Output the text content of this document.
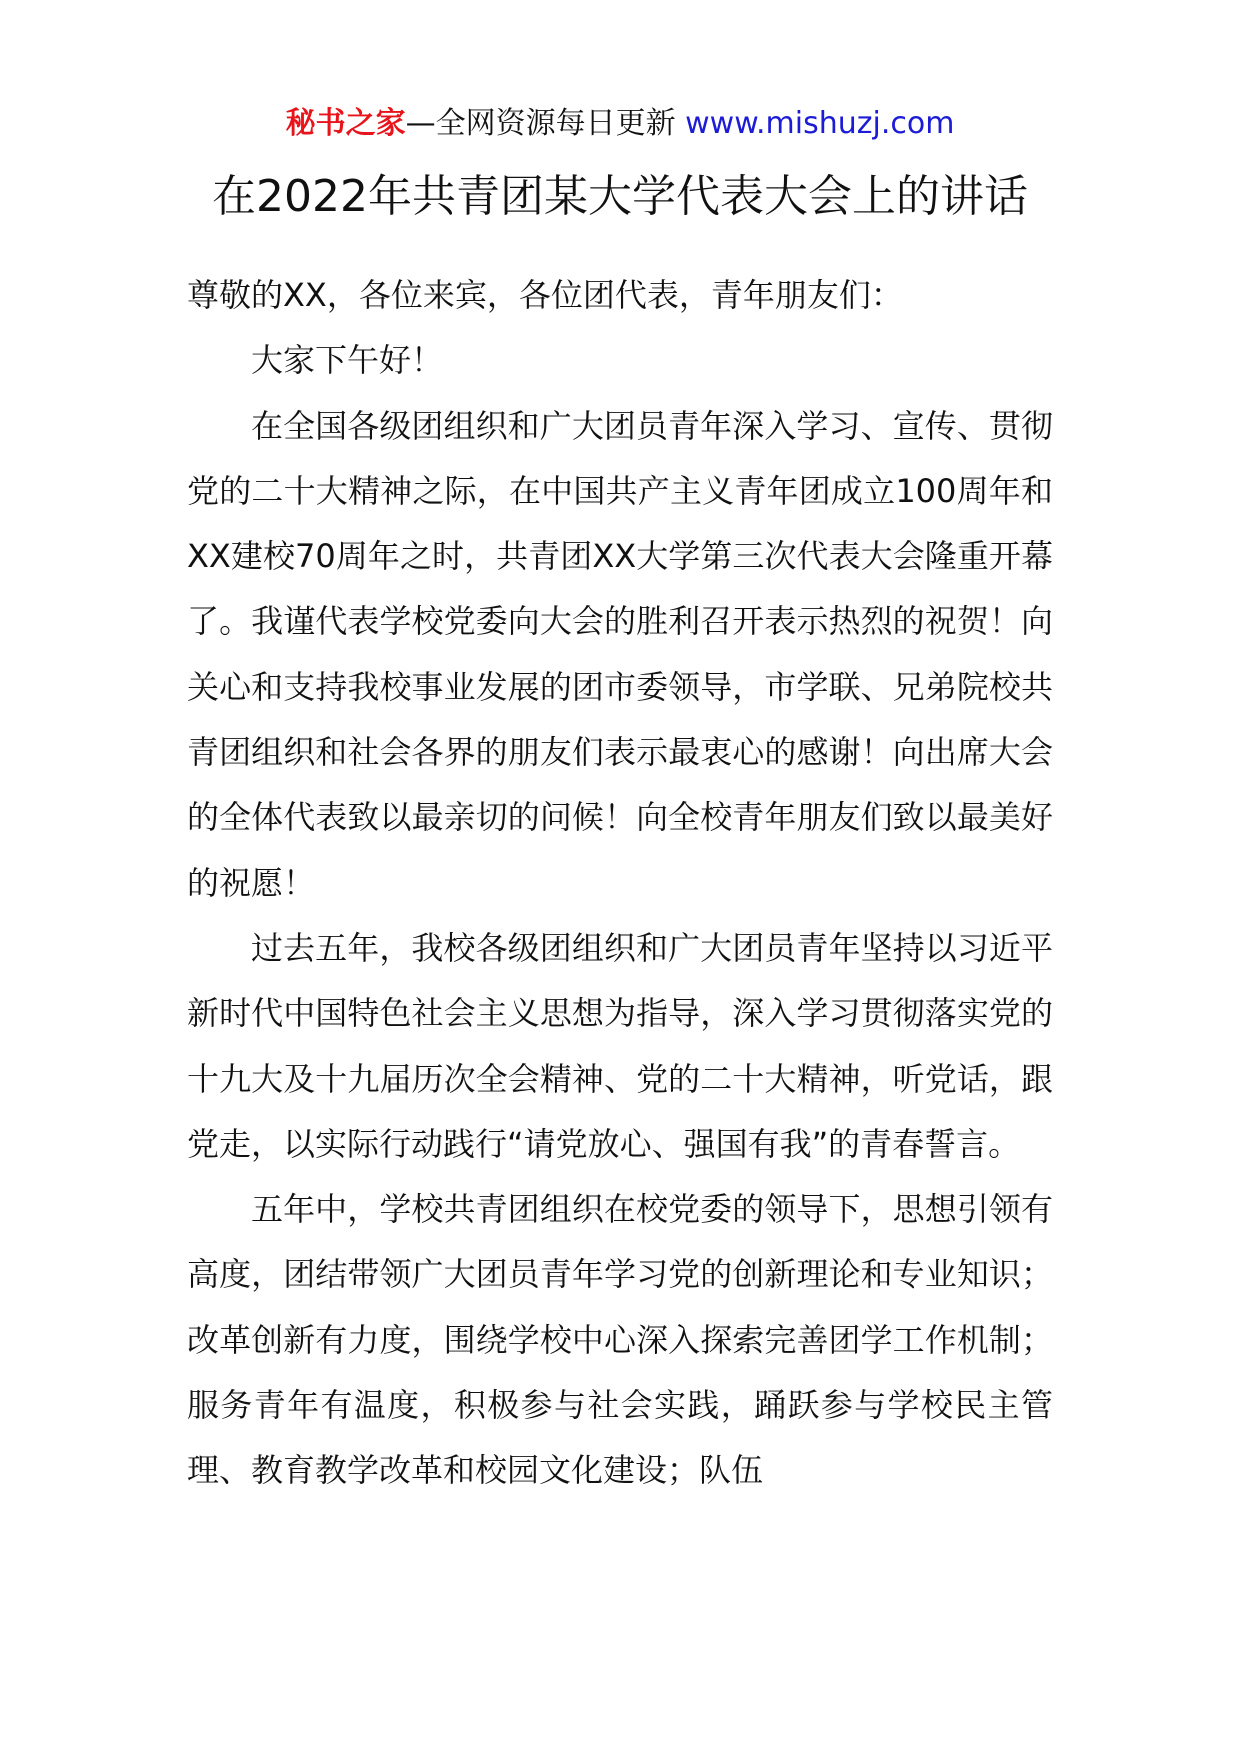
秘书之家—全网资源每日更新 www.mishuzj.com
在2022年共青团某大学代表大会上的讲话

尊敬的XX，各位来宾，各位团代表，青年朋友们：

大家下午好！

在全国各级团组织和广大团员青年深入学习、宣传、贯彻党的二十大精神之际，在中国共产主义青年团成立100周年和XX建校70周年之时，共青团XX大学第三次代表大会隆重开幕了。我谨代表学校党委向大会的胜利召开表示热烈的祝贺！向关心和支持我校事业发展的团市委领导，市学联、兄弟院校共青团组织和社会各界的朋友们表示最衷心的感谢！向出席大会的全体代表致以最亲切的问候！向全校青年朋友们致以最美好的祝愿！

过去五年，我校各级团组织和广大团员青年坚持以习近平新时代中国特色社会主义思想为指导，深入学习贯彻落实党的十九大及十九届历次全会精神、党的二十大精神，听党话，跟党走，以实际行动践行“请党放心、强国有我”的青春誓言。

五年中，学校共青团组织在校党委的领导下，思想引领有高度，团结带领广大团员青年学习党的创新理论和专业知识；改革创新有力度，围绕学校中心深入探索完善团学工作机制；服务青年有温度，积极参与社会实践，踊跃参与学校民主管理、教育教学改革和校园文化建设；队伍
